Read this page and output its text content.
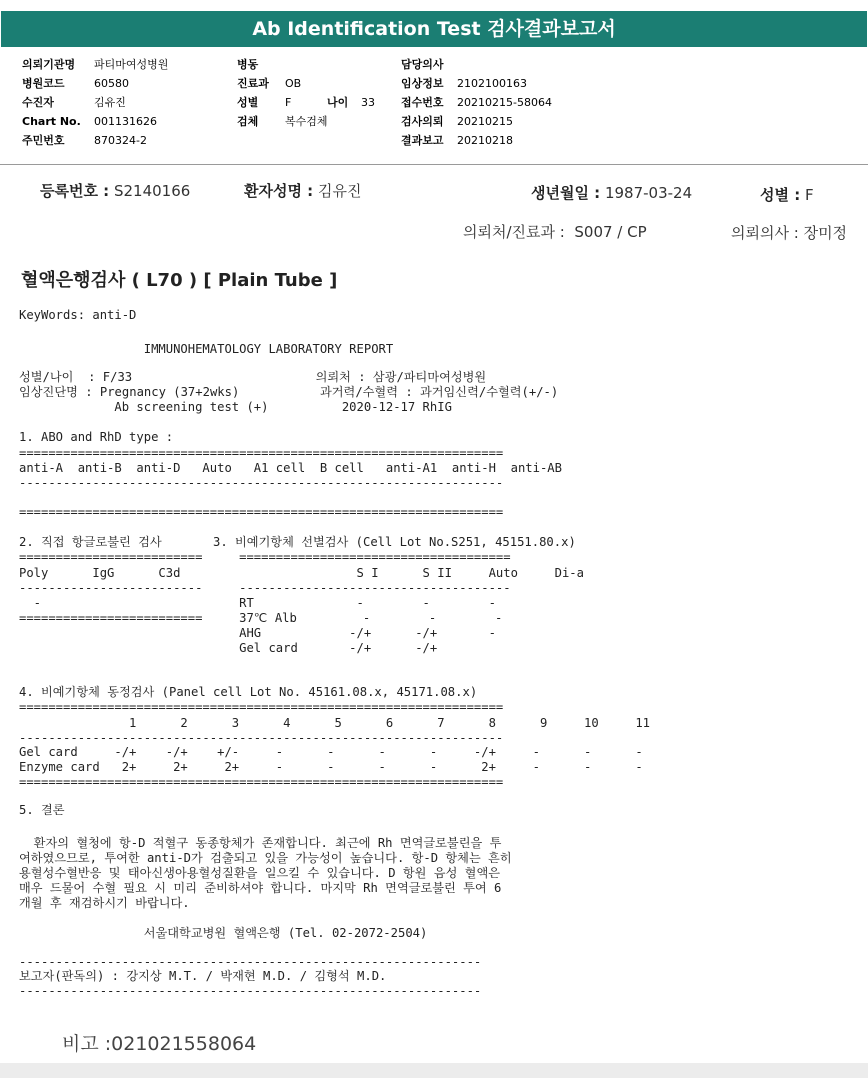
Ab Identification Test 검사결과보고서
의뢰기관명 파티마여성병원
병원코드	60580
수진자	김유진
Chart No. 001131626
주민번호	870324-2
병동
진료과 OB
성별 F	나이 33
검체 복수검체
담당의사
임상정보 2102100163
접수번호 20210215-58064
검사의뢰 20210215
결과보고 20210218
등록번호 : S2140166	환자성명 : 김유진	생년월일 : 1987-03-24	성별 : F
의뢰처/진료과 : S007 / CP	의뢰의사 : 장미정
혈액은행검사 ( L70 ) [ Plain Tube ]
KeyWords: anti-D
IMMUNOHEMATOLOGY LABORATORY REPORT
성별/나이  : F/33                         의뢰처 : 삼광/파티마여성병원
임상진단명 : Pregnancy (37+2wks)           과거력/수혈력 : 과거임신력/수혈력(+/-)
Ab screening test (+)          2020-12-17 RhIG
1. ABO and RhD type :
==================================================================
anti-A  anti-B  anti-D   Auto   A1 cell  B cell   anti-A1  anti-H  anti-AB
------------------------------------------------------------------
==================================================================
2. 직접 항글로불린 검사       3. 비예기항체 선별검사 (Cell Lot No.S251, 45151.80.x)
=========================     =====================================
Poly      IgG      C3d                        S I      S II     Auto     Di-a
-------------------------     -------------------------------------
-                           RT              -        -        -
=========================     37℃ Alb         -        -        -
AHG            -/+      -/+       -
Gel card       -/+      -/+
4. 비예기항체 동정검사 (Panel cell Lot No. 45161.08.x, 45171.08.x)
==================================================================
1      2      3      4      5      6      7      8      9     10     11
------------------------------------------------------------------
Gel card     -/+    -/+    +/-     -      -      -      -     -/+     -      -      -
Enzyme card   2+     2+     2+     -      -      -      -      2+     -      -      -
==================================================================
5. 결론
환자의 혈청에 항-D 적혈구 동종항체가 존재합니다. 최근에 Rh 면역글로불린을 투
여하였으므로, 투여한 anti-D가 검출되고 있을 가능성이 높습니다. 항-D 항체는 흔히
용혈성수혈반응 및 태아신생아용혈성질환을 일으킬 수 있습니다. D 항원 음성 혈액은
매우 드물어 수혈 필요 시 미리 준비하셔야 합니다. 마지막 Rh 면역글로불린 투여 6
개월 후 재검하시기 바랍니다.
서울대학교병원 혈액은행 (Tel. 02-2072-2504)
---------------------------------------------------------------
보고자(판독의) : 강지상 M.T. / 박재현 M.D. / 김형석 M.D.
---------------------------------------------------------------
비고 :021021558064
